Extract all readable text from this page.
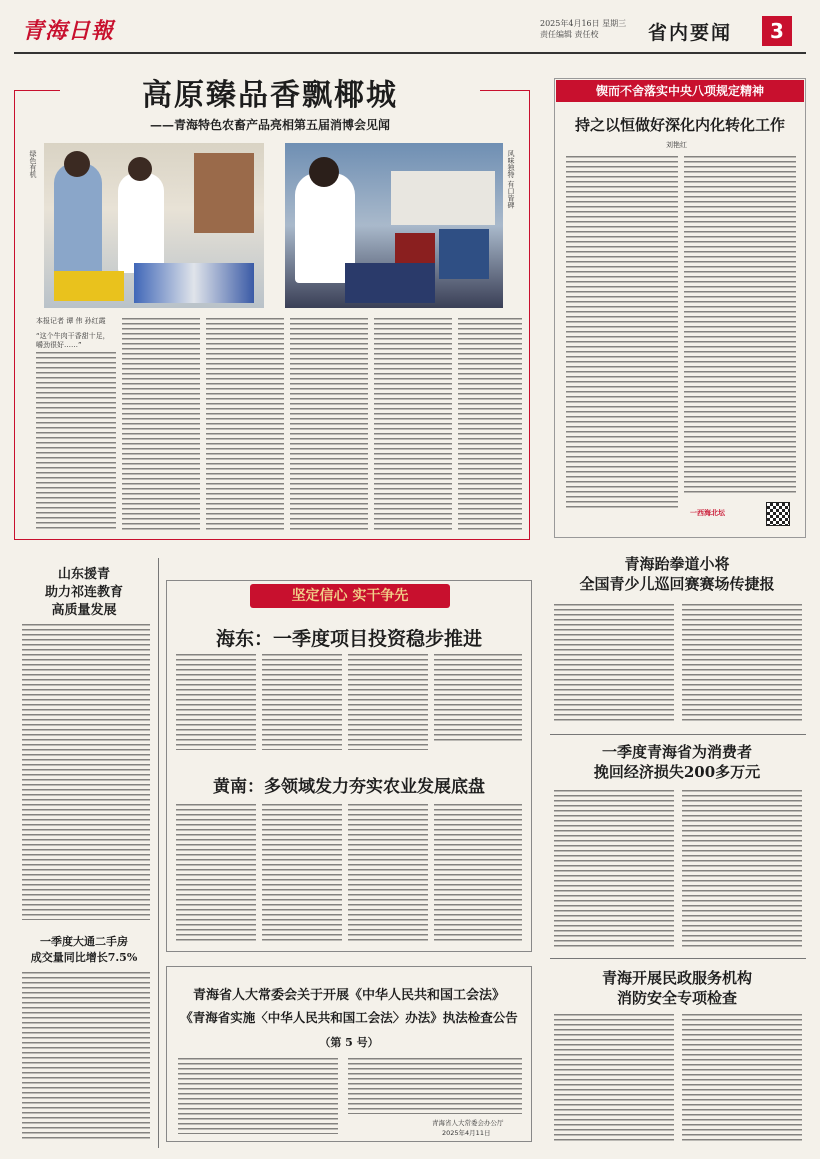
青海日報	2025年4月16日 星期三
责任编辑 责任校	省内要闻	3
高原臻品香飘椰城
——青海特色农畜产品亮相第五届消博会见闻
绿色有机	风味独特 有口皆碑
本报记者 谭 伟 孙红霞
“这个牛肉干香甜十足，嚼劲很好……”
锲而不舍落实中央八项规定精神
持之以恒做好深化内化转化工作
刘艳红
一西海北坛
山东援青
助力祁连教育
高质量发展
一季度大通二手房
成交量同比增长7.5%
坚定信心 实干争先
海东：一季度项目投资稳步推进
黄南：多领域发力夯实农业发展底盘
青海省人大常委会关于开展《中华人民共和国工会法》
《青海省实施〈中华人民共和国工会法〉办法》执法检查公告
（第 5 号）
青海省人大常委会办公厅
2025年4月11日
青海跆拳道小将
全国青少儿巡回赛赛场传捷报
一季度青海省为消费者
挽回经济损失200多万元
青海开展民政服务机构
消防安全专项检查
